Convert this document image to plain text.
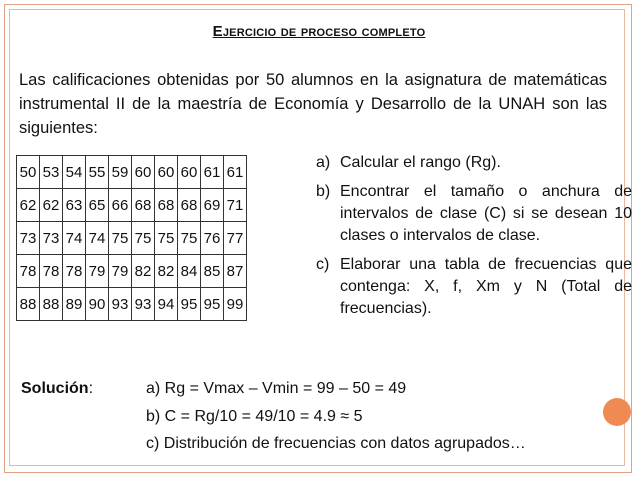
Ejercicio de proceso completo
Las calificaciones obtenidas por 50 alumnos en la asignatura de matemáticas instrumental II de la maestría de Economía y Desarrollo de la UNAH son las siguientes:
50	53	54	55	59	60	60	60	61	61
62	62	63	65	66	68	68	68	69	71
73	73	74	74	75	75	75	75	76	77
78	78	78	79	79	82	82	84	85	87
88	88	89	90	93	93	94	95	95	99
a) Calcular el rango (Rg).
b) Encontrar el tamaño o anchura de intervalos de clase (C) si se desean 10 clases o intervalos de clase.
c) Elaborar una tabla de frecuencias que contenga: X, f, Xm y N (Total de frecuencias).
Solución:	a) Rg = Vmax – Vmin = 99 – 50 = 49
b) C = Rg/10 = 49/10 = 4.9 ≈ 5
c) Distribución de frecuencias con datos agrupados…
